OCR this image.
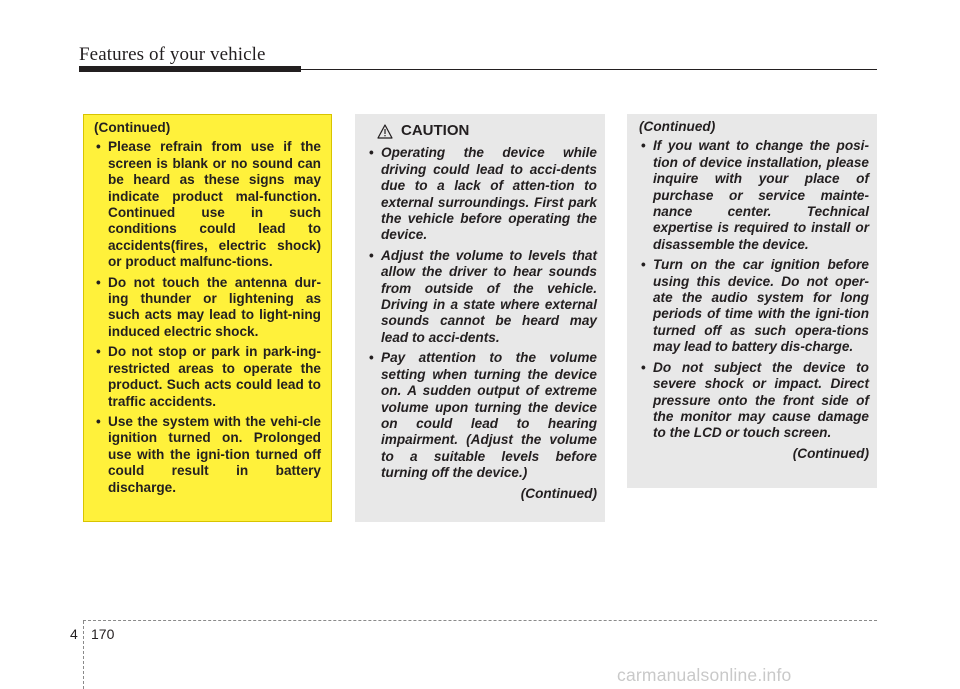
Features of your vehicle
(Continued)
• Please refrain from use if the screen is blank or no sound can be heard as these signs may indicate product mal-function. Continued use in such conditions could lead to accidents(fires, electric shock) or product malfunc-tions.
• Do not touch the antenna dur-ing thunder or lightening as such acts may lead to light-ning induced electric shock.
• Do not stop or park in park-ing-restricted areas to operate the product. Such acts could lead to traffic accidents.
• Use the system with the vehi-cle ignition turned on. Prolonged use with the igni-tion turned off could result in battery discharge.
CAUTION
• Operating the device while driving could lead to acci-dents due to a lack of atten-tion to external surroundings. First park the vehicle before operating the device.
• Adjust the volume to levels that allow the driver to hear sounds from outside of the vehicle. Driving in a state where external sounds cannot be heard may lead to acci-dents.
• Pay attention to the volume setting when turning the device on. A sudden output of extreme volume upon turning the device on could lead to hearing impairment. (Adjust the volume to a suitable levels before turning off the device.)
(Continued)
(Continued)
• If you want to change the posi-tion of device installation, please inquire with your place of purchase or service mainte-nance center. Technical expertise is required to install or disassemble the device.
• Turn on the car ignition before using this device. Do not oper-ate the audio system for long periods of time with the igni-tion turned off as such opera-tions may lead to battery dis-charge.
• Do not subject the device to severe shock or impact. Direct pressure onto the front side of the monitor may cause damage to the LCD or touch screen.
(Continued)
4 170
carmanualsonline.info
